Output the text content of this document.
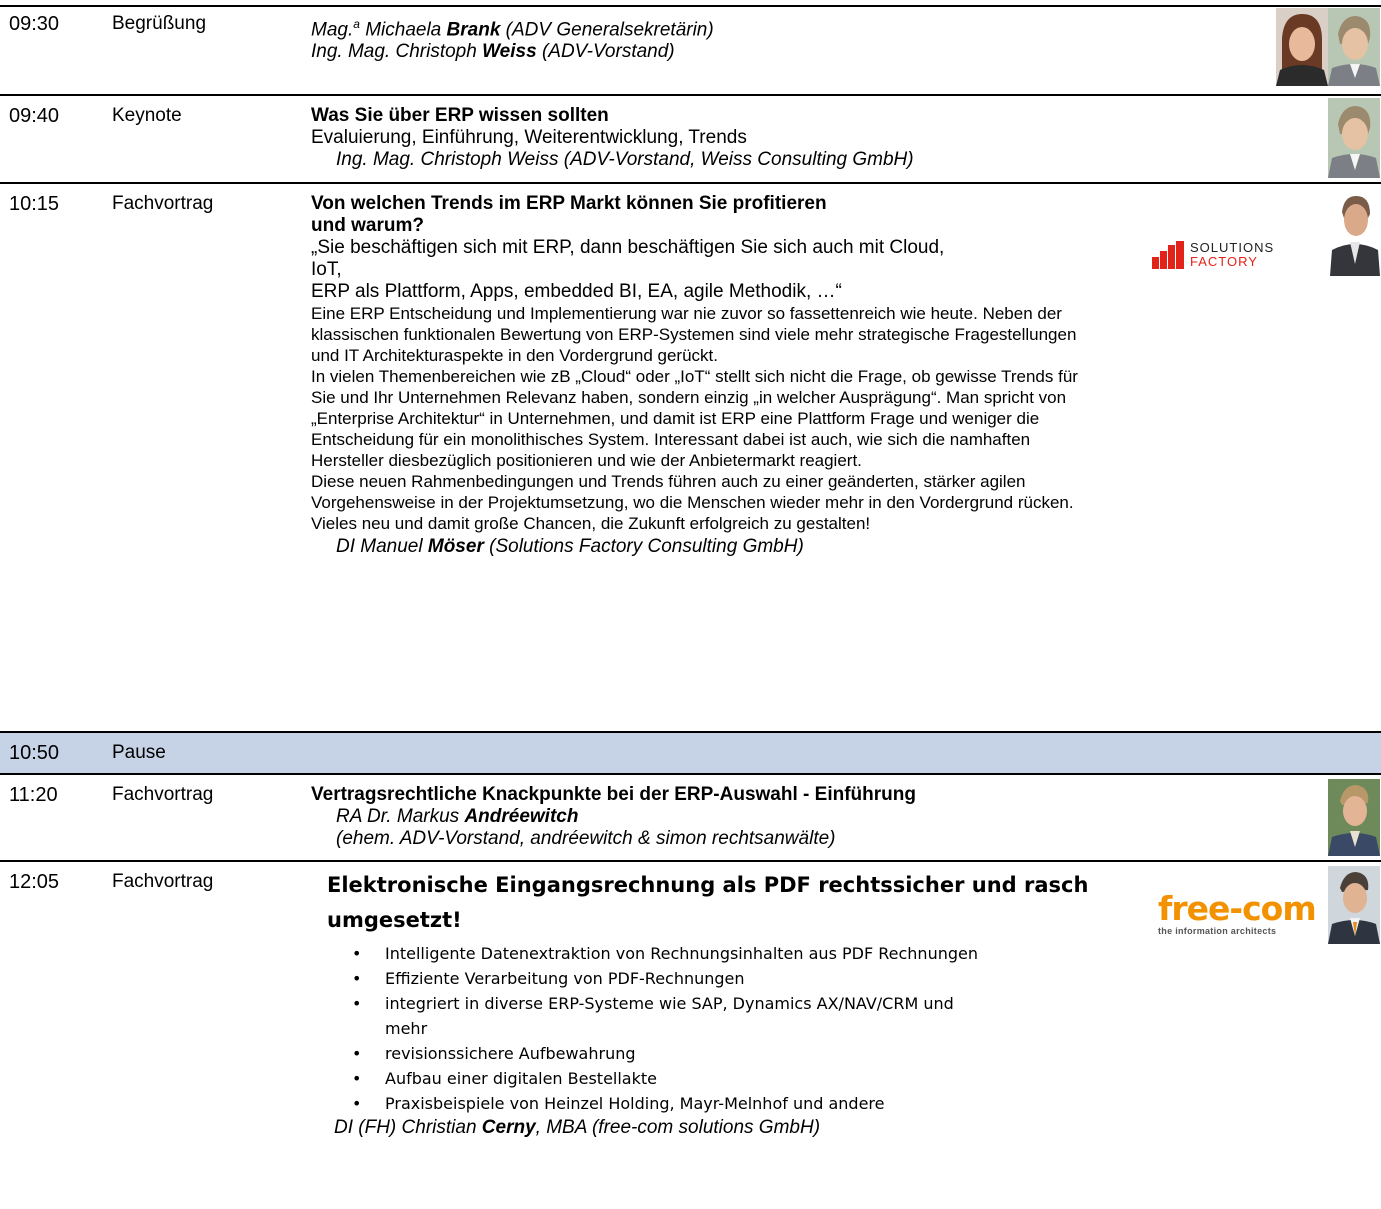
09:30	Begrüßung	Mag.$^a$ Michaela Brank (ADV Generalsekretärin)
Ing. Mag. Christoph Weiss (ADV-Vorstand)
09:40	Keynote	Was Sie über ERP wissen sollten
Evaluierung, Einführung, Weiterentwicklung, Trends
Ing. Mag. Christoph Weiss (ADV-Vorstand, Weiss Consulting GmbH)
10:15	Fachvortrag	Von welchen Trends im ERP Markt können Sie profitieren
und warum?
„Sie beschäftigen sich mit ERP, dann beschäftigen Sie sich auch mit Cloud,
IoT,
ERP als Plattform, Apps, embedded BI, EA, agile Methodik, …“
Eine ERP Entscheidung und Implementierung war nie zuvor so fassettenreich wie heute. Neben der klassischen funktionalen Bewertung von ERP-Systemen sind viele mehr strategische Fragestellungen und IT Architekturaspekte in den Vordergrund gerückt.
In vielen Themenbereichen wie zB „Cloud“ oder „IoT“ stellt sich nicht die Frage, ob gewisse Trends für Sie und Ihr Unternehmen Relevanz haben, sondern einzig „in welcher Ausprägung“. Man spricht von „Enterprise Architektur“ in Unternehmen, und damit ist ERP eine Plattform Frage und weniger die Entscheidung für ein monolithisches System. Interessant dabei ist auch, wie sich die namhaften Hersteller diesbezüglich positionieren und wie der Anbietermarkt reagiert.
Diese neuen Rahmenbedingungen und Trends führen auch zu einer geänderten, stärker agilen Vorgehensweise in der Projektumsetzung, wo die Menschen wieder mehr in den Vordergrund rücken.
Vieles neu und damit große Chancen, die Zukunft erfolgreich zu gestalten!
DI Manuel Möser (Solutions Factory Consulting GmbH)
SOLUTIONS
FACTORY
10:50	Pause
11:20	Fachvortrag	Vertragsrechtliche Knackpunkte bei der ERP-Auswahl - Einführung
RA Dr. Markus Andréewitch
(ehem. ADV-Vorstand, andréewitch & simon rechtsanwälte)
12:05	Fachvortrag	Elektronische Eingangsrechnung als PDF rechtssicher und rasch
umgesetzt!
• Intelligente Datenextraktion von Rechnungsinhalten aus PDF Rechnungen
• Effiziente Verarbeitung von PDF-Rechnungen
• integriert in diverse ERP-Systeme wie SAP, Dynamics AX/NAV/CRM und
mehr
• revisionssichere Aufbewahrung
• Aufbau einer digitalen Bestellakte
• Praxisbeispiele von Heinzel Holding, Mayr-Melnhof und andere
DI (FH) Christian Cerny, MBA (free-com solutions GmbH)
free-com
the information architects
